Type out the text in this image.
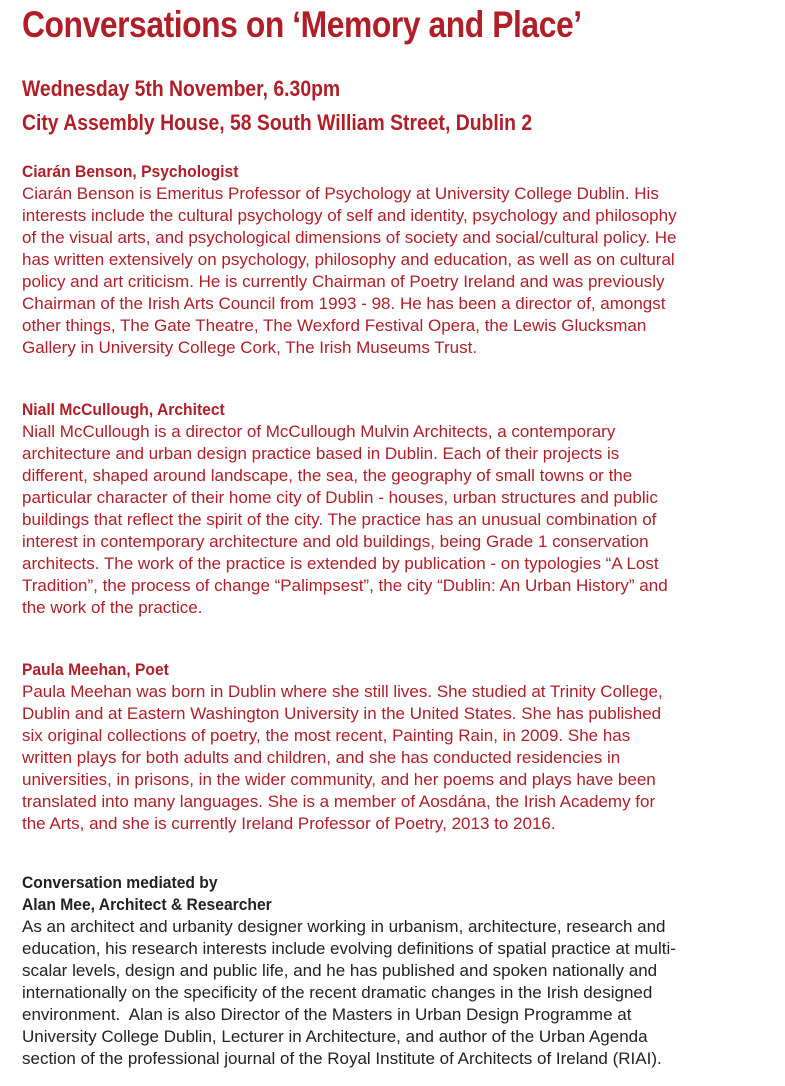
Conversations on ‘Memory and Place’
Wednesday 5th November, 6.30pm
City Assembly House, 58 South William Street, Dublin 2
Ciarán Benson, Psychologist
Ciarán Benson is Emeritus Professor of Psychology at University College Dublin. His
interests include the cultural psychology of self and identity, psychology and philosophy
of the visual arts, and psychological dimensions of society and social/cultural policy. He
has written extensively on psychology, philosophy and education, as well as on cultural
policy and art criticism. He is currently Chairman of Poetry Ireland and was previously
Chairman of the Irish Arts Council from 1993 - 98. He has been a director of, amongst
other things, The Gate Theatre, The Wexford Festival Opera, the Lewis Glucksman
Gallery in University College Cork, The Irish Museums Trust.
Niall McCullough, Architect
Niall McCullough is a director of McCullough Mulvin Architects, a contemporary
architecture and urban design practice based in Dublin. Each of their projects is
different, shaped around landscape, the sea, the geography of small towns or the
particular character of their home city of Dublin - houses, urban structures and public
buildings that reflect the spirit of the city. The practice has an unusual combination of
interest in contemporary architecture and old buildings, being Grade 1 conservation
architects. The work of the practice is extended by publication - on typologies “A Lost
Tradition”, the process of change “Palimpsest”, the city “Dublin: An Urban History” and
the work of the practice.
Paula Meehan, Poet
Paula Meehan was born in Dublin where she still lives. She studied at Trinity College,
Dublin and at Eastern Washington University in the United States. She has published
six original collections of poetry, the most recent, Painting Rain, in 2009. She has
written plays for both adults and children, and she has conducted residencies in
universities, in prisons, in the wider community, and her poems and plays have been
translated into many languages. She is a member of Aosdána, the Irish Academy for
the Arts, and she is currently Ireland Professor of Poetry, 2013 to 2016.
Conversation mediated by
Alan Mee, Architect & Researcher
As an architect and urbanity designer working in urbanism, architecture, research and
education, his research interests include evolving definitions of spatial practice at multi-
scalar levels, design and public life, and he has published and spoken nationally and
internationally on the specificity of the recent dramatic changes in the Irish designed
environment.  Alan is also Director of the Masters in Urban Design Programme at
University College Dublin, Lecturer in Architecture, and author of the Urban Agenda
section of the professional journal of the Royal Institute of Architects of Ireland (RIAI).
